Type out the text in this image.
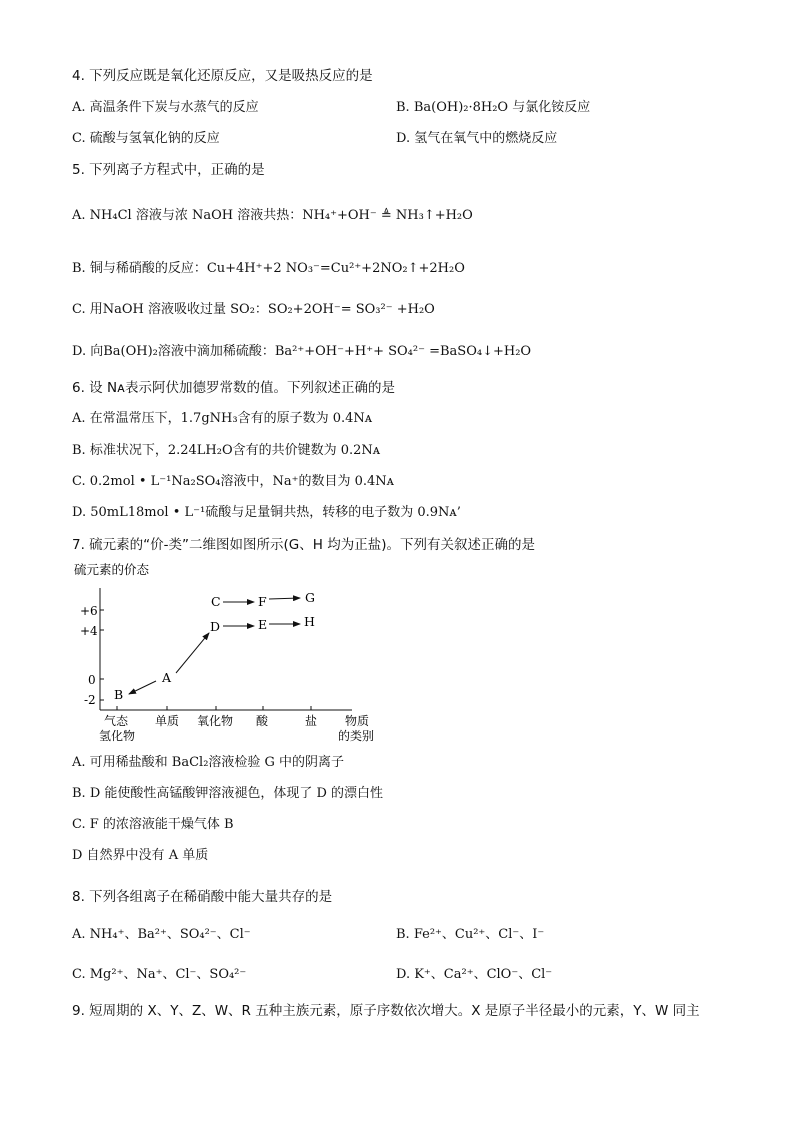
4. 下列反应既是氧化还原反应，又是吸热反应的是
A. 高温条件下炭与水蒸气的反应	B. Ba(OH)₂·8H₂O 与氯化铵反应
C. 硫酸与氢氧化钠的反应	D. 氢气在氧气中的燃烧反应
5. 下列离子方程式中，正确的是
A. NH₄Cl 溶液与浓 NaOH 溶液共热：NH₄⁺+OH⁻ ≜ NH₃↑+H₂O
B. 铜与稀硝酸的反应：Cu+4H⁺+2 NO₃⁻=Cu²⁺+2NO₂↑+2H₂O
C. 用NaOH 溶液吸收过量 SO₂：SO₂+2OH⁻= SO₃²⁻ +H₂O
D. 向Ba(OH)₂溶液中滴加稀硫酸：Ba²⁺+OH⁻+H⁺+ SO₄²⁻ =BaSO₄↓+H₂O
6. 设 Nᴀ表示阿伏加德罗常数的值。下列叙述正确的是
A. 在常温常压下，1.7gNH₃含有的原子数为 0.4Nᴀ
B. 标准状况下，2.24LH₂O含有的共价键数为 0.2Nᴀ
C. 0.2mol • L⁻¹Na₂SO₄溶液中，Na⁺的数目为 0.4Nᴀ
D. 50mL18mol • L⁻¹硫酸与足量铜共热，转移的电子数为 0.9Nᴀ’
7. 硫元素的“价-类”二维图如图所示(G、H 均为正盐)。下列有关叙述正确的是
硫元素的价态
+6
+4
0
-2
气态
氢化物
单质 氧化物 酸	盐 物质
的类别
B
A
C	F	G
D	E	H
A. 可用稀盐酸和 BaCl₂溶液检验 G 中的阴离子
B. D 能使酸性高锰酸钾溶液褪色，体现了 D 的漂白性
C. F 的浓溶液能干燥气体 B
D 自然界中没有 A 单质
8. 下列各组离子在稀硝酸中能大量共存的是
A. NH₄⁺、Ba²⁺、SO₄²⁻、Cl⁻	B. Fe²⁺、Cu²⁺、Cl⁻、I⁻
C. Mg²⁺、Na⁺、Cl⁻、SO₄²⁻	D. K⁺、Ca²⁺、ClO⁻、Cl⁻
9. 短周期的 X、Y、Z、W、R 五种主族元素，原子序数依次增大。X 是原子半径最小的元素，Y、W 同主
